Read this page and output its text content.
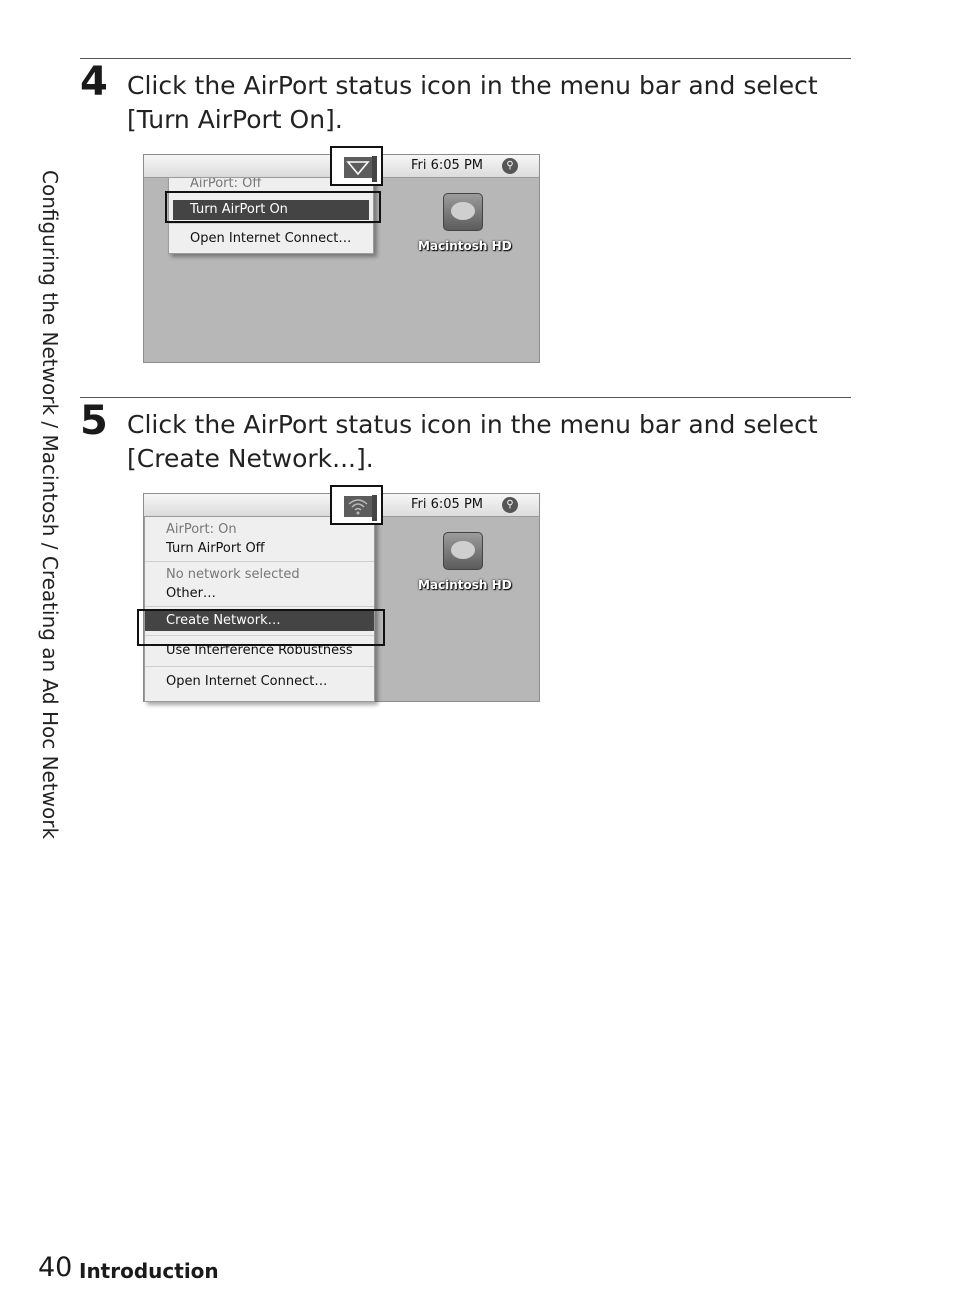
Configuring the Network / Macintosh / Creating an Ad Hoc Network
4 Click the AirPort status icon in the menu bar and select [Turn AirPort On].
Fri 6:05 PM	⚲
AirPort: Off
Turn AirPort On
Open Internet Connect…	Macintosh HD
5 Click the AirPort status icon in the menu bar and select [Create Network...].
Fri 6:05 PM	⚲
AirPort: On
Turn AirPort Off
No network selected
Other…
Create Network…
Use Interference Robustness
Open Internet Connect…
Macintosh HD
40 Introduction
